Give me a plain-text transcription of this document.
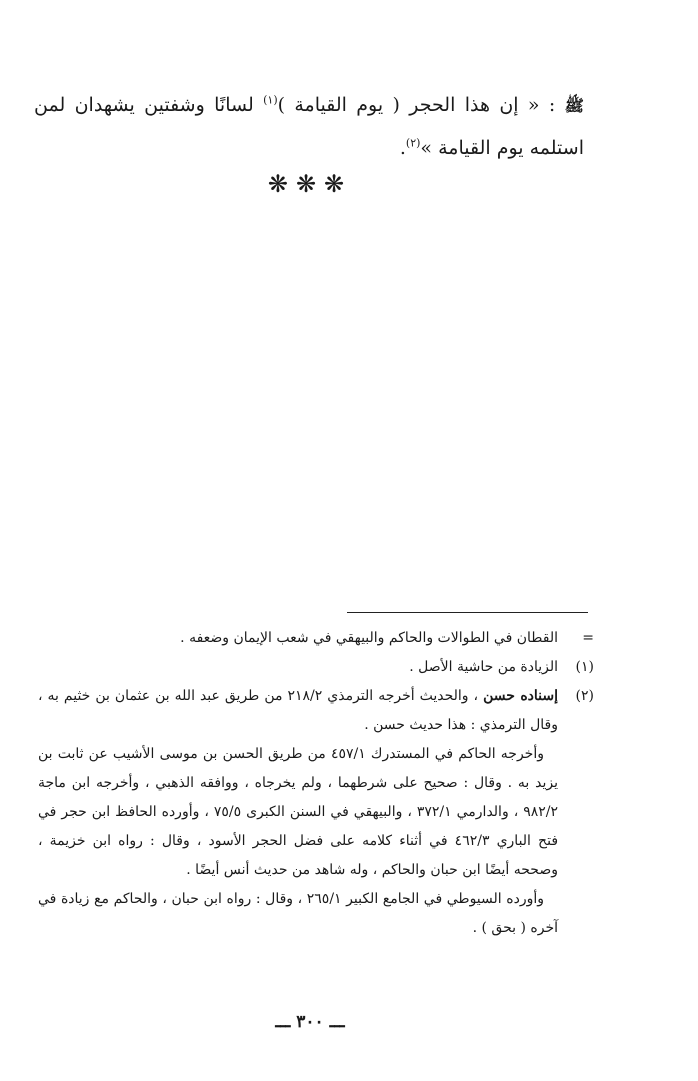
ﷺ : « إن هذا الحجر ( يوم القيامة )$^{(١)}$ لسانًا وشفتين يشهدان لمن استلمه يوم القيامة »$^{(٢)}$.

❋❋❋
=

القطان في الطوالات والحاكم والبيهقي في شعب الإيمان وضعفه .

(١)

الزيادة من حاشية الأصل .

(٢)

إسناده حسن ، والحديث أخرجه الترمذي ٢١٨/٢ من طريق عبد الله بن عثمان بن خثيم به ، وقال الترمذي : هذا حديث حسن .

وأخرجه الحاكم في المستدرك ٤٥٧/١ من طريق الحسن بن موسى الأشيب عن ثابت بن يزيد به . وقال : صحيح على شرطهما ، ولم يخرجاه ، ووافقه الذهبي ، وأخرجه ابن ماجة ٩٨٢/٢ ، والدارمي ٣٧٢/١ ، والبيهقي في السنن الكبرى ٧٥/٥ ، وأورده الحافظ ابن حجر في فتح الباري ٤٦٢/٣ في أثناء كلامه على فضل الحجر الأسود ، وقال : رواه ابن خزيمة ، وصححه أيضًا ابن حبان والحاكم ، وله شاهد من حديث أنس أيضًا .

وأورده السيوطي في الجامع الكبير ٢٦٥/١ ، وقال : رواه ابن حبان ، والحاكم مع زيادة في آخره ( بحق ) .

ـــ ٣٠٠ ـــ
